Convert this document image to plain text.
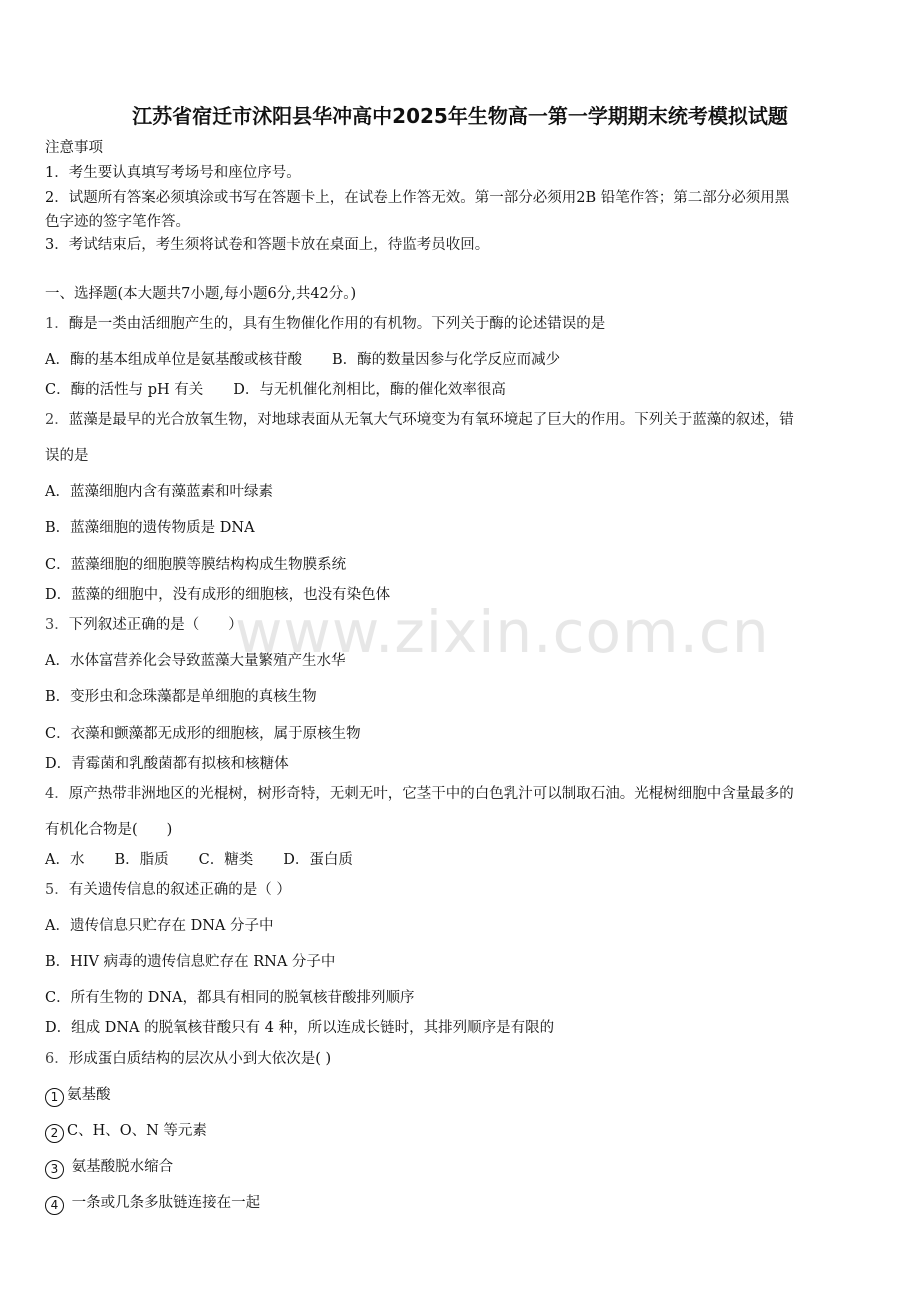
江苏省宿迁市沭阳县华冲高中2025年生物高一第一学期期末统考模拟试题
注意事项
1．考生要认真填写考场号和座位序号。
2．试题所有答案必须填涂或书写在答题卡上，在试卷上作答无效。第一部分必须用2B 铅笔作答；第二部分必须用黑
色字迹的签字笔作答。
3．考试结束后，考生须将试卷和答题卡放在桌面上，待监考员收回。
一、选择题(本大题共7小题,每小题6分,共42分。)
1．酶是一类由活细胞产生的，具有生物催化作用的有机物。下列关于酶的论述错误的是
A．酶的基本组成单位是氨基酸或核苷酸 B．酶的数量因参与化学反应而减少
C．酶的活性与 pH 有关 D．与无机催化剂相比，酶的催化效率很高
2．蓝藻是最早的光合放氧生物，对地球表面从无氧大气环境变为有氧环境起了巨大的作用。下列关于蓝藻的叙述，错
误的是
A．蓝藻细胞内含有藻蓝素和叶绿素
B．蓝藻细胞的遗传物质是 DNA
C．蓝藻细胞的细胞膜等膜结构构成生物膜系统
D．蓝藻的细胞中，没有成形的细胞核，也没有染色体
3．下列叙述正确的是（　　）
A．水体富营养化会导致蓝藻大量繁殖产生水华
B．变形虫和念珠藻都是单细胞的真核生物
C．衣藻和颤藻都无成形的细胞核，属于原核生物
D．青霉菌和乳酸菌都有拟核和核糖体
4．原产热带非洲地区的光棍树，树形奇特，无刺无叶，它茎干中的白色乳汁可以制取石油。光棍树细胞中含量最多的
有机化合物是(　　)
A．水 B．脂质 C．糖类 D．蛋白质
5．有关遗传信息的叙述正确的是（ ）
A．遗传信息只贮存在 DNA 分子中
B．HIV 病毒的遗传信息贮存在 RNA 分子中
C．所有生物的 DNA，都具有相同的脱氧核苷酸排列顺序
D．组成 DNA 的脱氧核苷酸只有 4 种，所以连成长链时，其排列顺序是有限的
6．形成蛋白质结构的层次从小到大依次是( )
1 氨基酸
2 C、H、O、N 等元素
3 氨基酸脱水缩合
4 一条或几条多肽链连接在一起
www.zixin.com.cn
